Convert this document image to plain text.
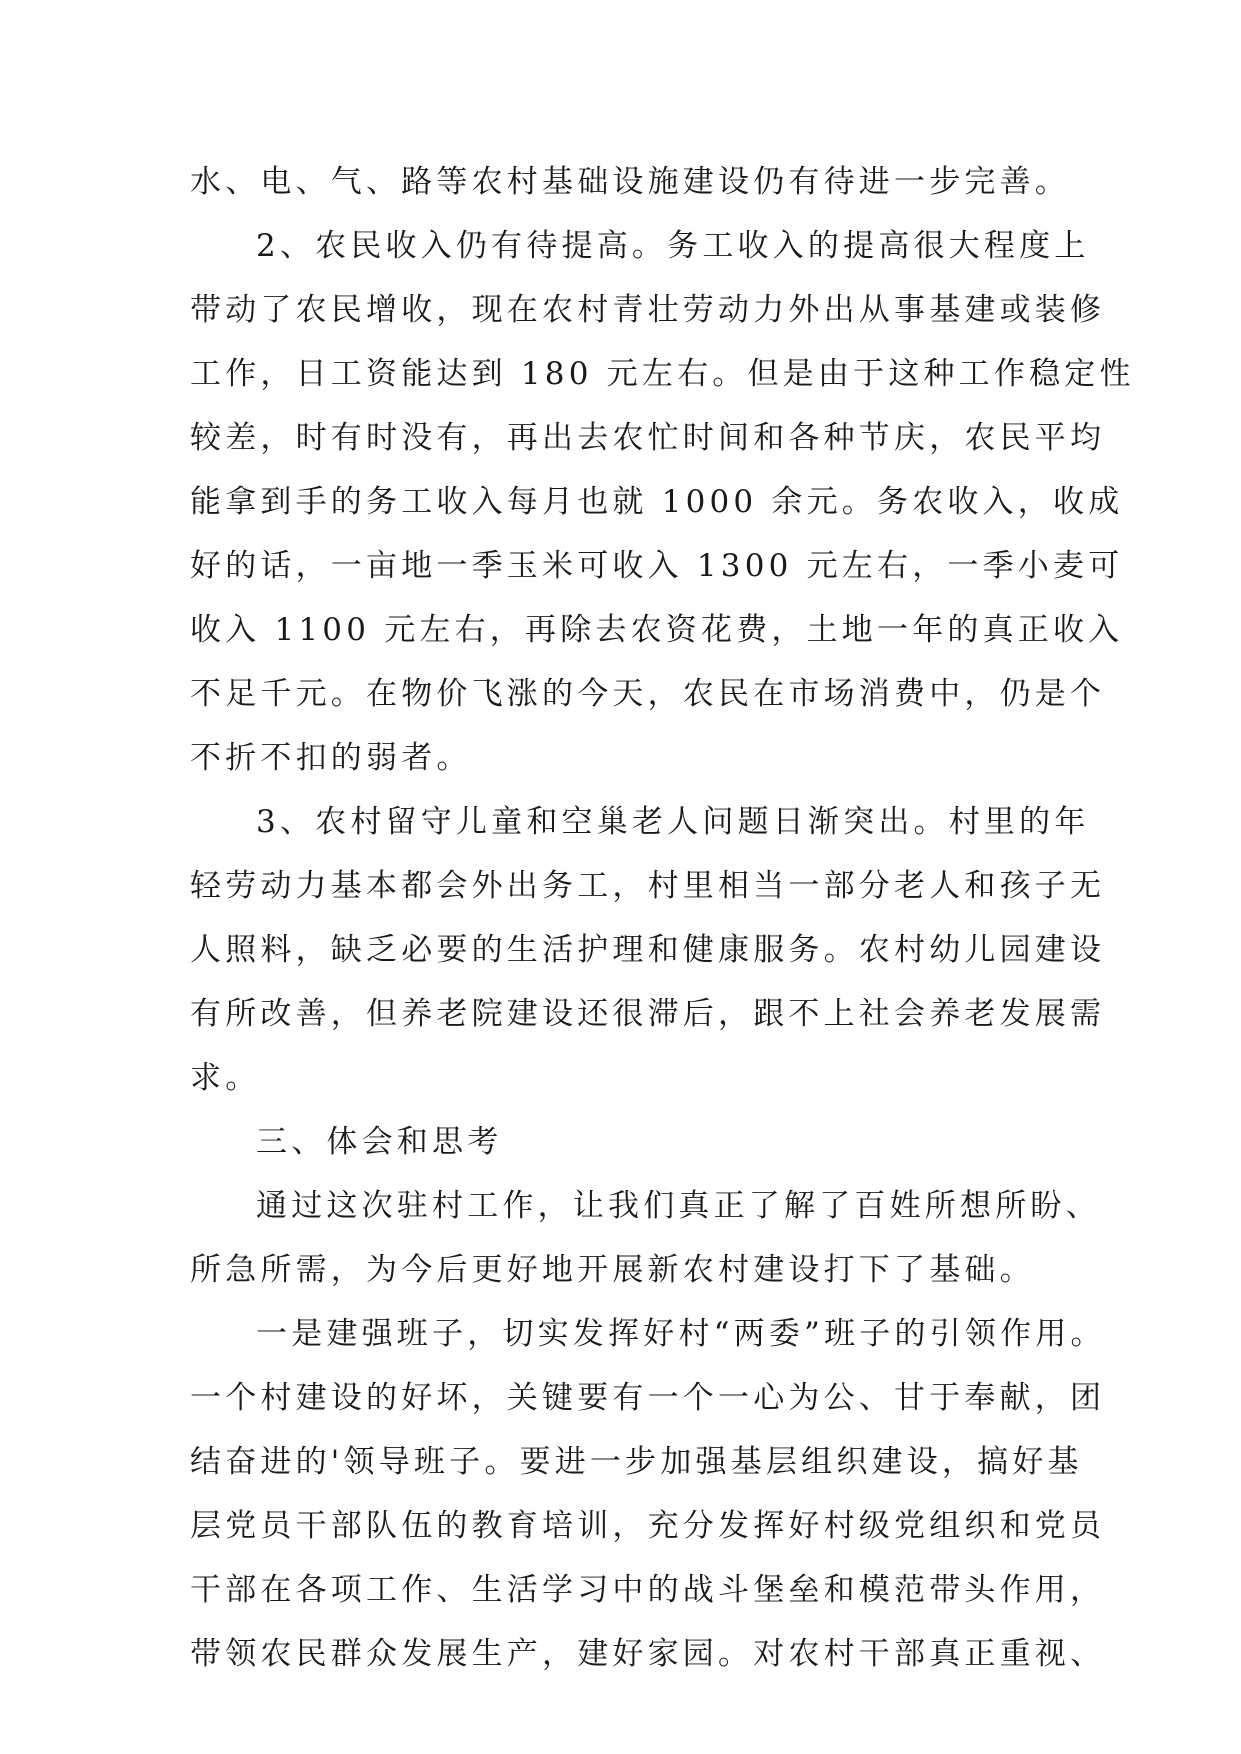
水、电、气、路等农村基础设施建设仍有待进一步完善。
2、农民收入仍有待提高。务工收入的提高很大程度上
带动了农民增收，现在农村青壮劳动力外出从事基建或装修
工作，日工资能达到 180 元左右。但是由于这种工作稳定性
较差，时有时没有，再出去农忙时间和各种节庆，农民平均
能拿到手的务工收入每月也就 1000 余元。务农收入，收成
好的话，一亩地一季玉米可收入 1300 元左右，一季小麦可
收入 1100 元左右，再除去农资花费，土地一年的真正收入
不足千元。在物价飞涨的今天，农民在市场消费中，仍是个
不折不扣的弱者。
3、农村留守儿童和空巢老人问题日渐突出。村里的年
轻劳动力基本都会外出务工，村里相当一部分老人和孩子无
人照料，缺乏必要的生活护理和健康服务。农村幼儿园建设
有所改善，但养老院建设还很滞后，跟不上社会养老发展需
求。
三、体会和思考
通过这次驻村工作，让我们真正了解了百姓所想所盼、
所急所需，为今后更好地开展新农村建设打下了基础。
一是建强班子，切实发挥好村“两委”班子的引领作用。
一个村建设的好坏，关键要有一个一心为公、甘于奉献，团
结奋进的'领导班子。要进一步加强基层组织建设，搞好基
层党员干部队伍的教育培训，充分发挥好村级党组织和党员
干部在各项工作、生活学习中的战斗堡垒和模范带头作用，
带领农民群众发展生产，建好家园。对农村干部真正重视、
